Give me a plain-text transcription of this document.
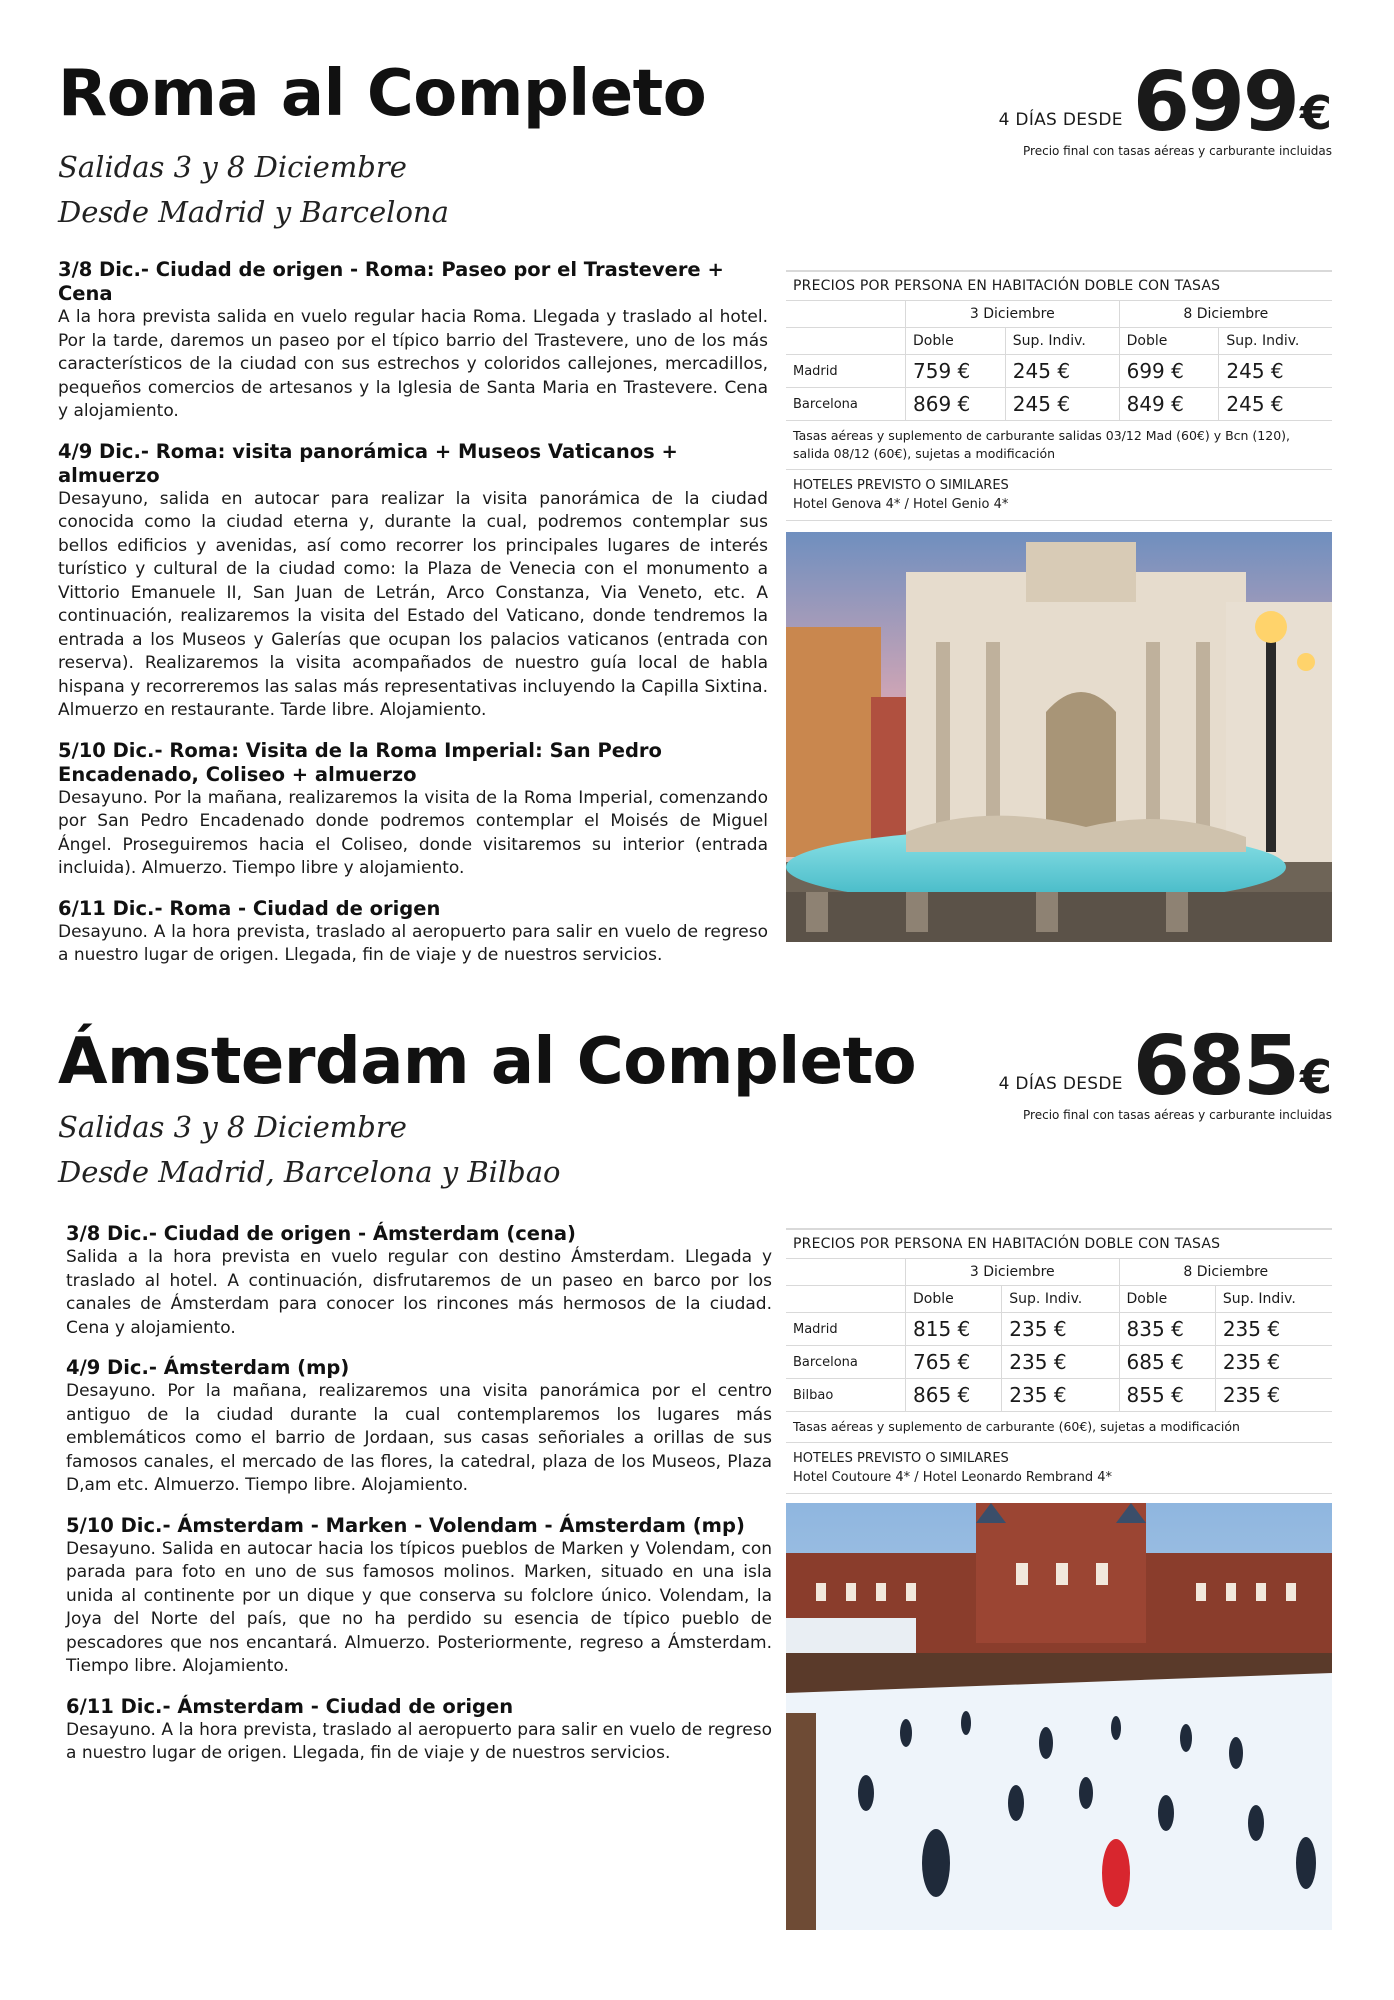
Roma al Completo
Salidas 3 y 8 Diciembre
Desde Madrid y Barcelona
4 DÍAS DESDE 699 €
Precio final con tasas aéreas y carburante incluidas
3/8 Dic.- Ciudad de origen - Roma: Paseo por el Trastevere + Cena

A la hora prevista salida en vuelo regular hacia Roma. Llegada y traslado al hotel. Por la tarde, daremos un paseo por el típico barrio del Trastevere, uno de los más característicos de la ciudad con sus estrechos y coloridos callejones, mercadillos, pequeños comercios de artesanos y la Iglesia de Santa Maria en Trastevere. Cena y alojamiento.

4/9 Dic.- Roma: visita panorámica + Museos Vaticanos + almuerzo

Desayuno, salida en autocar para realizar la visita panorámica de la ciudad conocida como la ciudad eterna y, durante la cual, podremos contemplar sus bellos edificios y avenidas, así como recorrer los principales lugares de interés turístico y cultural de la ciudad como: la Plaza de Venecia con el monumento a Vittorio Emanuele II, San Juan de Letrán, Arco Constanza, Via Veneto, etc. A continuación, realizaremos la visita del Estado del Vaticano, donde tendremos la entrada a los Museos y Galerías que ocupan los palacios vaticanos (entrada con reserva). Realizaremos la visita acompañados de nuestro guía local de habla hispana y recorreremos las salas más representativas incluyendo la Capilla Sixtina. Almuerzo en restaurante. Tarde libre. Alojamiento.

5/10 Dic.- Roma: Visita de la Roma Imperial: San Pedro Encadenado, Coliseo + almuerzo

Desayuno. Por la mañana, realizaremos la visita de la Roma Imperial, comenzando por San Pedro Encadenado donde podremos contemplar el Moisés de Miguel Ángel. Proseguiremos hacia el Coliseo, donde visitaremos su interior (entrada incluida). Almuerzo. Tiempo libre y alojamiento.

6/11 Dic.- Roma - Ciudad de origen

Desayuno. A la hora prevista, traslado al aeropuerto para salir en vuelo de regreso a nuestro lugar de origen. Llegada, fin de viaje y de nuestros servicios.

PRECIOS POR PERSONA EN HABITACIÓN DOBLE CON TASAS				
	3 Diciembre		8 Diciembre	
	Doble	Sup. Indiv.	Doble	Sup. Indiv.
Madrid	759 €	245 €	699 €	245 €
Barcelona	869 €	245 €	849 €	245 €
Tasas aéreas y suplemento de carburante salidas 03/12 Mad (60€) y Bcn (120), salida 08/12 (60€), sujetas a modificación				

HOTELES PREVISTO O SIMILARES
Hotel Genova 4* / Hotel Genio 4*				
Ámsterdam al Completo
Salidas 3 y 8 Diciembre
Desde Madrid, Barcelona y Bilbao
4 DÍAS DESDE 685 €
Precio final con tasas aéreas y carburante incluidas
3/8 Dic.- Ciudad de origen - Ámsterdam (cena)

Salida a la hora prevista en vuelo regular con destino Ámsterdam. Llegada y traslado al hotel. A continuación, disfrutaremos de un paseo en barco por los canales de Ámsterdam para conocer los rincones más hermosos de la ciudad. Cena y alojamiento.

4/9 Dic.- Ámsterdam (mp)

Desayuno. Por la mañana, realizaremos una visita panorámica por el centro antiguo de la ciudad durante la cual contemplaremos los lugares más emblemáticos como el barrio de Jordaan, sus casas señoriales a orillas de sus famosos canales, el mercado de las flores, la catedral, plaza de los Museos, Plaza D,am etc. Almuerzo. Tiempo libre. Alojamiento.

5/10 Dic.- Ámsterdam - Marken - Volendam - Ámsterdam (mp)

Desayuno. Salida en autocar hacia los típicos pueblos de Marken y Volendam, con parada para foto en uno de sus famosos molinos. Marken, situado en una isla unida al continente por un dique y que conserva su folclore único. Volendam, la Joya del Norte del país, que no ha perdido su esencia de típico pueblo de pescadores que nos encantará. Almuerzo. Posteriormente, regreso a Ámsterdam. Tiempo libre. Alojamiento.

6/11 Dic.- Ámsterdam - Ciudad de origen

Desayuno. A la hora prevista, traslado al aeropuerto para salir en vuelo de regreso a nuestro lugar de origen. Llegada, fin de viaje y de nuestros servicios.

PRECIOS POR PERSONA EN HABITACIÓN DOBLE CON TASAS				
	3 Diciembre		8 Diciembre	
	Doble	Sup. Indiv.	Doble	Sup. Indiv.
Madrid	815 €	235 €	835 €	235 €
Barcelona	765 €	235 €	685 €	235 €
Bilbao	865 €	235 €	855 €	235 €
Tasas aéreas y suplemento de carburante (60€), sujetas a modificación				

HOTELES PREVISTO O SIMILARES
Hotel Coutoure 4* / Hotel Leonardo Rembrand 4*				
